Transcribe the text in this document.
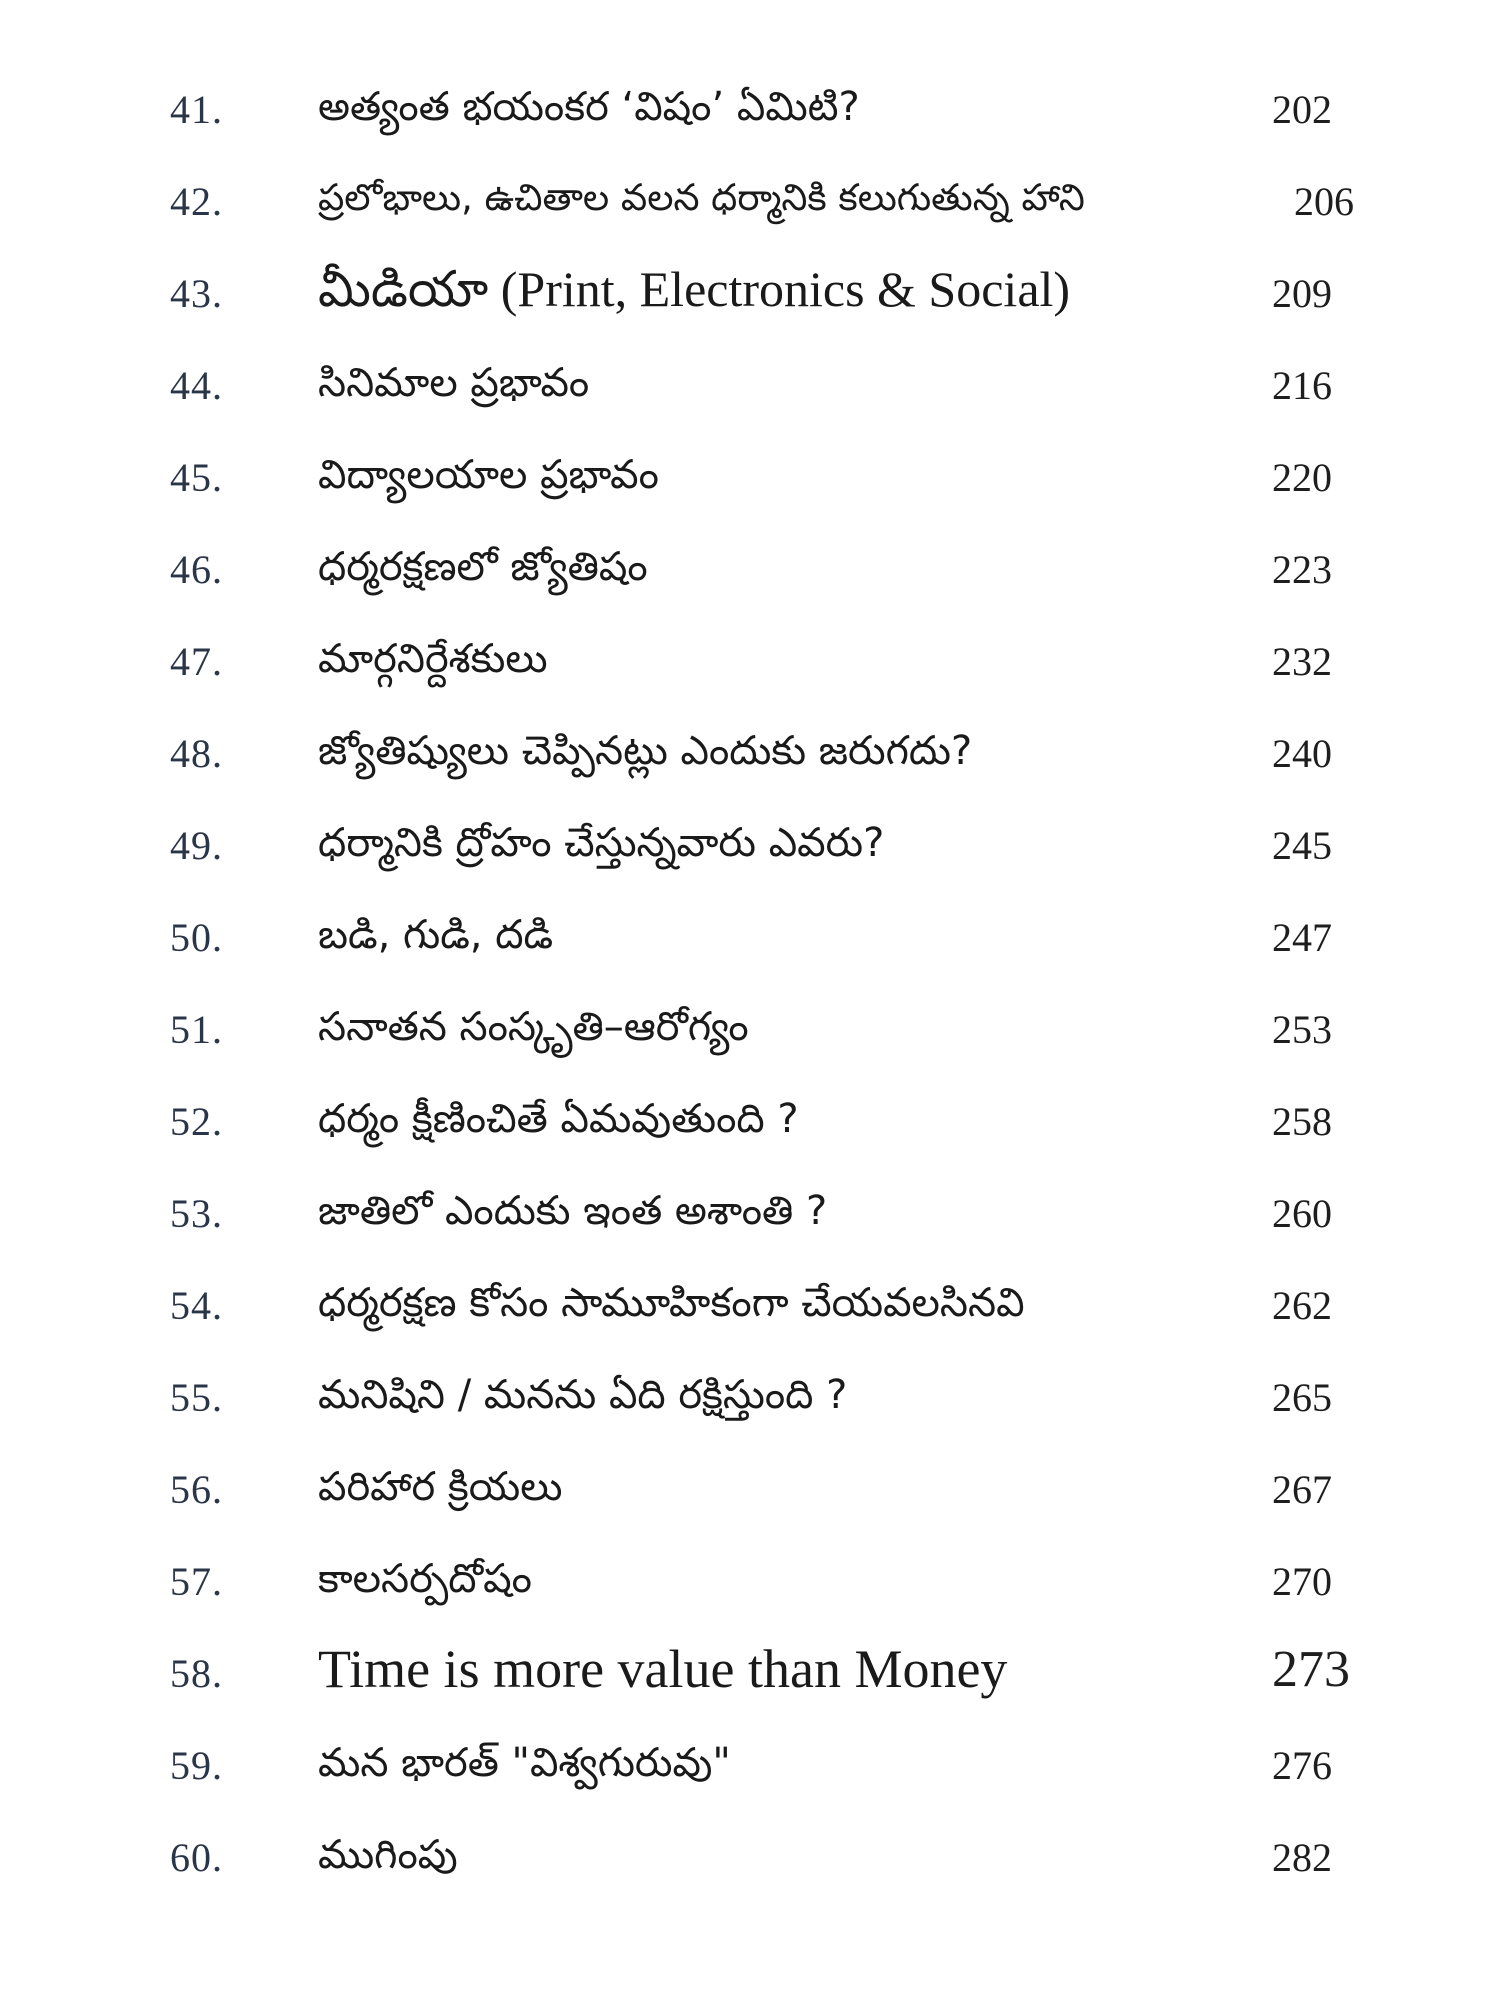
41. అత్యంత భయంకర ‘విషం’ ఏమిటి?	202
42.	ప్రలోభాలు, ఉచితాల వలన ధర్మానికి కలుగుతున్న హాని	206
43. మీడియా (Print, Electronics & Social)	209
44. సినిమాల ప్రభావం	216
45. విద్యాలయాల ప్రభావం	220
46. ధర్మరక్షణలో జ్యోతిషం	223
47. మార్గనిర్దేశకులు	232
48. జ్యోతిష్యులు చెప్పినట్లు ఎందుకు జరుగదు?	240
49. ధర్మానికి ద్రోహం చేస్తున్నవారు ఎవరు?	245
50. బడి, గుడి, దడి	247
51. సనాతన సంస్కృతి–ఆరోగ్యం	253
52. ధర్మం క్షీణించితే ఏమవుతుంది ?	258
53. జాతిలో ఎందుకు ఇంత అశాంతి ?	260
54. ధర్మరక్షణ కోసం సామూహికంగా చేయవలసినవి	262
55. మనిషిని / మనను ఏది రక్షిస్తుంది ?	265
56. పరిహార క్రియలు	267
57. కాలసర్పదోషం	270
58. Time is more value than Money	273
59. మన భారత్ "విశ్వగురువు"	276
60. ముగింపు	282
